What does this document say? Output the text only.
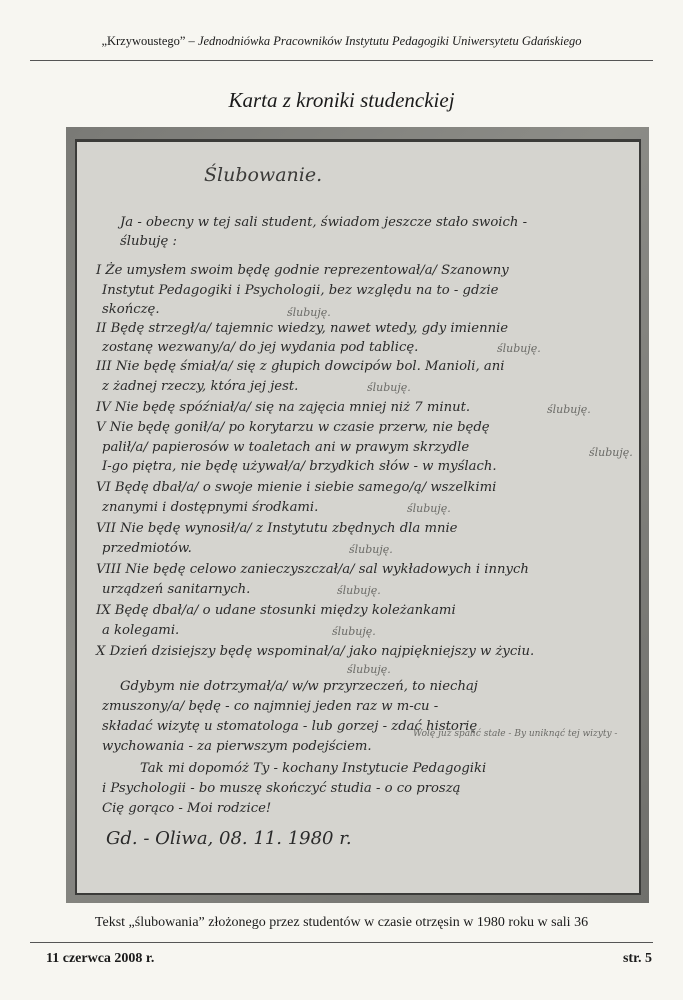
„Krzywoustego” – Jednodniówka Pracowników Instytutu Pedagogiki Uniwersytetu Gdańskiego
Karta z kroniki studenckiej

Ślubowanie.

Ja - obecny w tej sali student, świadom jeszcze stało swoich -

ślubuję :

I Że umysłem swoim będę godnie reprezentował/a/ Szanowny

Instytut Pedagogiki i Psychologii, bez względu na to - gdzie

skończę.	ślubuję.

II Będę strzegł/a/ tajemnic wiedzy, nawet wtedy, gdy imiennie

zostanę wezwany/a/ do jej wydania pod tablicę.	ślubuję.

III Nie będę śmiał/a/ się z głupich dowcipów bol. Manioli, ani

z żadnej rzeczy, która jej jest.	ślubuję.

IV Nie będę spóźniał/a/ się na zajęcia mniej niż 7 minut.	ślubuję.

V Nie będę gonił/a/ po korytarzu w czasie przerw, nie będę

palił/a/ papierosów w toaletach ani w prawym skrzydle

I-go piętra, nie będę używał/a/ brzydkich słów - w myślach.

ślubuję.

VI Będę dbał/a/ o swoje mienie i siebie samego/ą/ wszelkimi

znanymi i dostępnymi środkami.	ślubuję.

VII Nie będę wynosił/a/ z Instytutu zbędnych dla mnie

przedmiotów.	ślubuję.

VIII Nie będę celowo zanieczyszczał/a/ sal wykładowych i innych

urządzeń sanitarnych.	ślubuję.

IX Będę dbał/a/ o udane stosunki między koleżankami

a kolegami.	ślubuję.

X Dzień dzisiejszy będę wspominał/a/ jako najpiękniejszy w życiu.

ślubuję.

Gdybym nie dotrzymał/a/ w/w przyrzeczeń, to niechaj

zmuszony/a/ będę - co najmniej jeden raz w m-cu -

składać wizytę u stomatologa - lub gorzej - zdać historię

wychowania - za pierwszym podejściem.

Wolę już spalić stałe - By uniknąć tej wizyty -

Tak mi dopomóż Ty - kochany Instytucie Pedagogiki

i Psychologii - bo muszę skończyć studia - o co proszą

Cię gorąco - Moi rodzice!

Gd. - Oliwa, 08. 11. 1980 r.

Tekst „ślubowania” złożonego przez studentów w czasie otrzęsin w 1980 roku w sali 36
11 czerwca 2008 r.	str. 5
